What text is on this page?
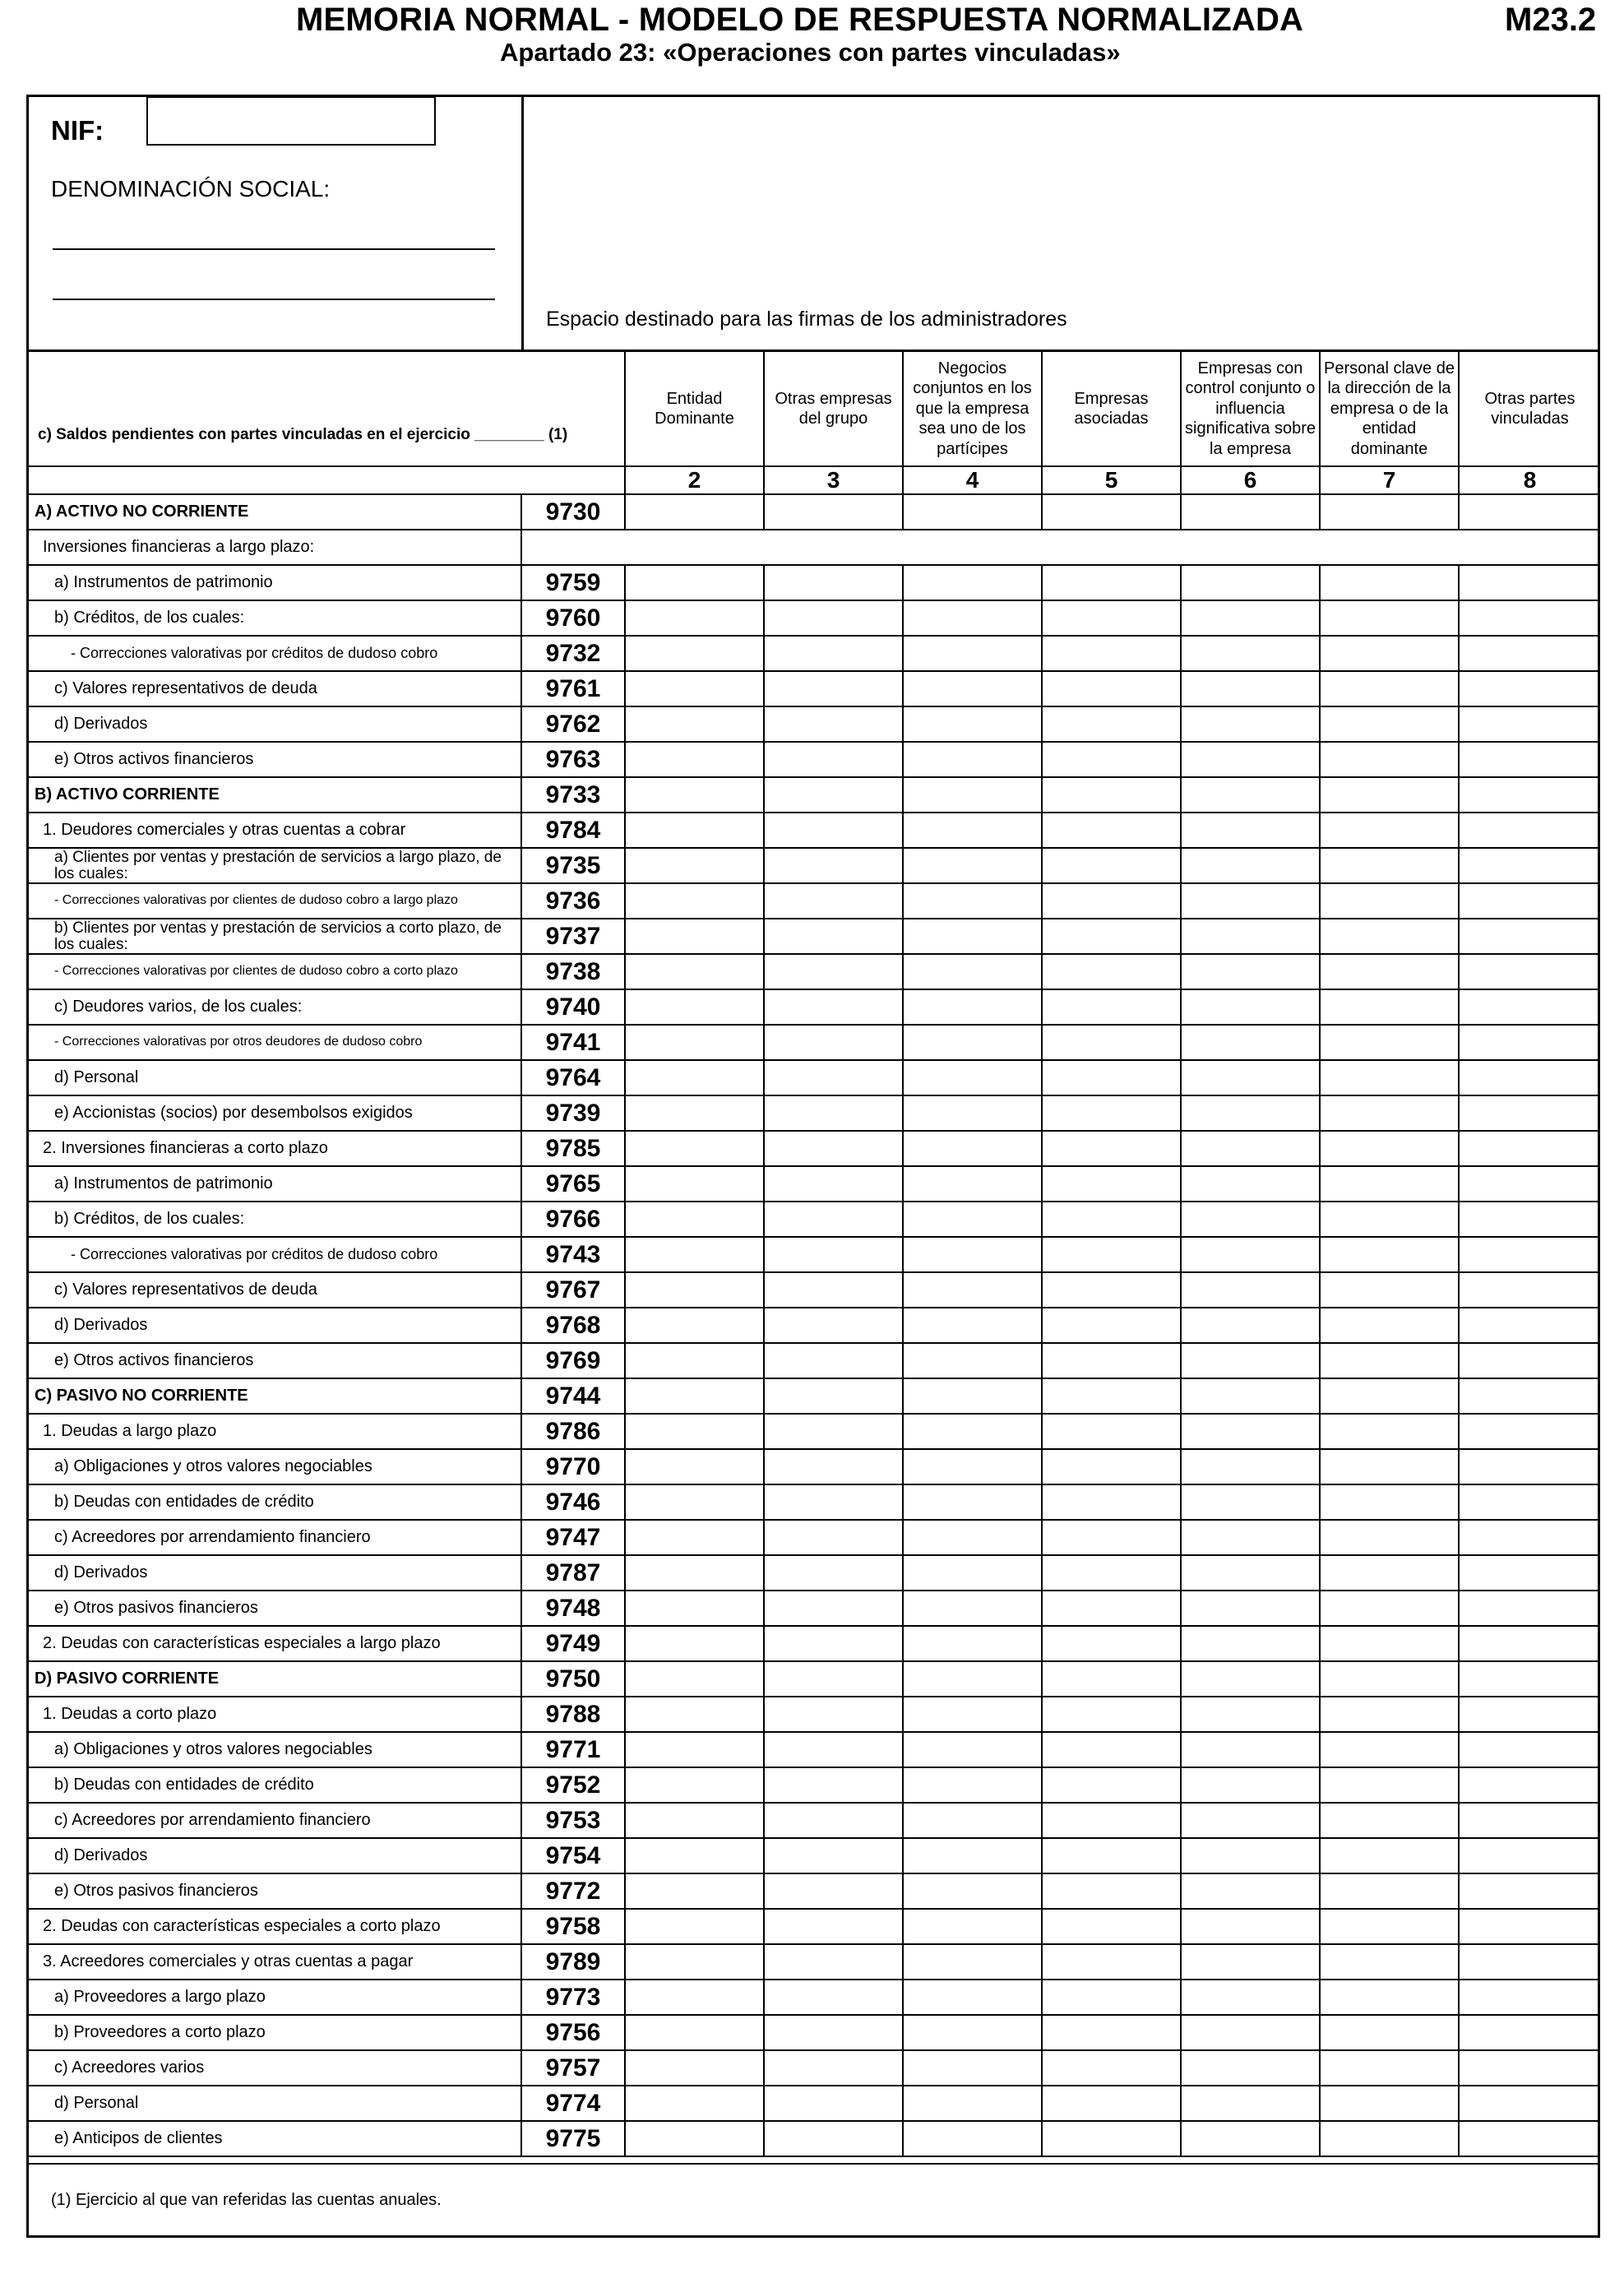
MEMORIA NORMAL - MODELO DE RESPUESTA NORMALIZADA	M23.2
Apartado 23: «Operaciones con partes vinculadas»
NIF:
DENOMINACIÓN SOCIAL:
Espacio destinado para las firmas de los administradores
c) Saldos pendientes con partes vinculadas en el ejercicio ________ (1)		Entidad Dominante	Otras empresas del grupo	Negocios conjuntos en los que la empresa sea uno de los partícipes	Empresas asociadas	Empresas con control conjunto o influencia significativa sobre la empresa	Personal clave de la dirección de la empresa o de la entidad dominante	Otras partes vinculadas
		2	3	4	5	6	7	8
A) ACTIVO NO CORRIENTE	9730							
Inversiones financieras a largo plazo:								
a) Instrumentos de patrimonio	9759							
b) Créditos, de los cuales:	9760							
- Correcciones valorativas por créditos de dudoso cobro	9732							
c) Valores representativos de deuda	9761							
d) Derivados	9762							
e) Otros activos financieros	9763							
B) ACTIVO CORRIENTE	9733							
1. Deudores comerciales y otras cuentas a cobrar	9784							
a) Clientes por ventas y prestación de servicios a largo plazo, de los cuales:	9735							
- Correcciones valorativas por clientes de dudoso cobro a largo plazo	9736							
b) Clientes por ventas y prestación de servicios a corto plazo, de los cuales:	9737							
- Correcciones valorativas por clientes de dudoso cobro a corto plazo	9738							
c) Deudores varios, de los cuales:	9740							
- Correcciones valorativas por otros deudores de dudoso cobro	9741							
d) Personal	9764							
e) Accionistas (socios) por desembolsos exigidos	9739							
2. Inversiones financieras a corto plazo	9785							
a) Instrumentos de patrimonio	9765							
b) Créditos, de los cuales:	9766							
- Correcciones valorativas por créditos de dudoso cobro	9743							
c) Valores representativos de deuda	9767							
d) Derivados	9768							
e) Otros activos financieros	9769							
C) PASIVO NO CORRIENTE	9744							
1. Deudas a largo plazo	9786							
a) Obligaciones y otros valores negociables	9770							
b) Deudas con entidades de crédito	9746							
c) Acreedores por arrendamiento financiero	9747							
d) Derivados	9787							
e) Otros pasivos financieros	9748							
2. Deudas con características especiales a largo plazo	9749							
D) PASIVO CORRIENTE	9750							
1. Deudas a corto plazo	9788							
a) Obligaciones y otros valores negociables	9771							
b) Deudas con entidades de crédito	9752							
c) Acreedores por arrendamiento financiero	9753							
d) Derivados	9754							
e) Otros pasivos financieros	9772							
2. Deudas con características especiales a corto plazo	9758							
3. Acreedores comerciales y otras cuentas a pagar	9789							
a) Proveedores a largo plazo	9773							
b) Proveedores a corto plazo	9756							
c) Acreedores varios	9757							
d) Personal	9774							
e) Anticipos de clientes	9775							
(1) Ejercicio al que van referidas las cuentas anuales.
